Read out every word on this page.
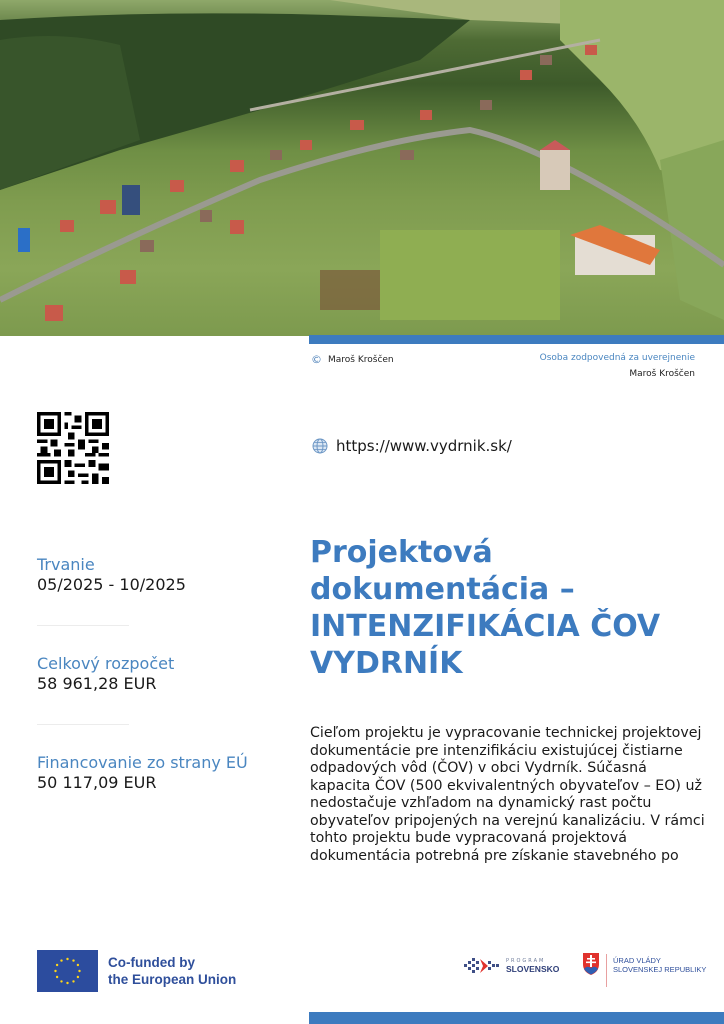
© Maroš Kroščen	Osoba zodpovedná za uverejnenie
Maroš Kroščen
https://www.vydrnik.sk/
Trvanie
05/2025 - 10/2025
Celkový rozpočet
58 961,28 EUR
Financovanie zo strany EÚ
50 117,09 EUR
Projektová
dokumentácia –
INTENZIFIKÁCIA ČOV
VYDRNÍK

Cieľom projektu je vypracovanie technickej projektovej dokumentácie pre intenzifikáciu existujúcej čistiarne odpadových vôd (ČOV) v obci Vydrník. Súčasná kapacita ČOV (500 ekvivalentných obyvateľov – EO) už nedostačuje vzhľadom na dynamický rast počtu obyvateľov pripojených na verejnú kanalizáciu. V rámci tohto projektu bude vypracovaná projektová dokumentácia potrebná pre získanie stavebného po

Co-funded by
the European Union
PROGRAM
SLOVENSKO
ÚRAD VLÁDY
SLOVENSKEJ REPUBLIKY
